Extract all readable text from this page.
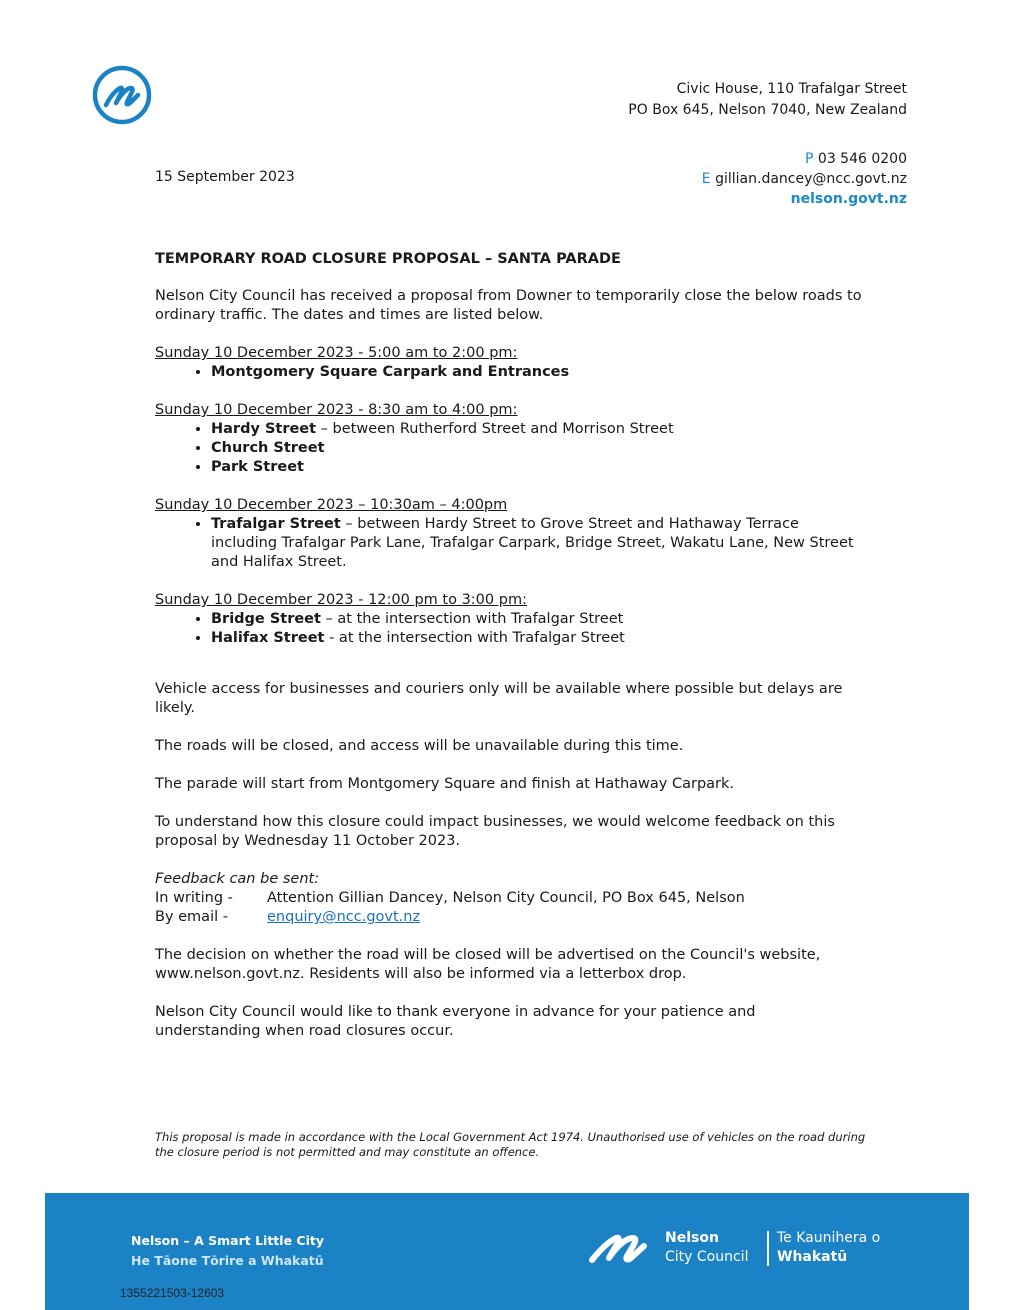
Civic House, 110 Trafalgar Street
PO Box 645, Nelson 7040, New Zealand
P 03 546 0200
E gillian.dancey@ncc.govt.nz
nelson.govt.nz
15 September 2023
TEMPORARY ROAD CLOSURE PROPOSAL – SANTA PARADE

Nelson City Council has received a proposal from Downer to temporarily close the below roads to ordinary traffic. The dates and times are listed below.

Sunday 10 December 2023 - 5:00 am to 2:00 pm:
• Montgomery Square Carpark and Entrances
Sunday 10 December 2023 - 8:30 am to 4:00 pm:
• Hardy Street – between Rutherford Street and Morrison Street
• Church Street
• Park Street
Sunday 10 December 2023 – 10:30am – 4:00pm
• Trafalgar Street – between Hardy Street to Grove Street and Hathaway Terrace including Trafalgar Park Lane, Trafalgar Carpark, Bridge Street, Wakatu Lane, New Street and Halifax Street.
Sunday 10 December 2023 - 12:00 pm to 3:00 pm:
• Bridge Street – at the intersection with Trafalgar Street
• Halifax Street - at the intersection with Trafalgar Street

Vehicle access for businesses and couriers only will be available where possible but delays are likely.

The roads will be closed, and access will be unavailable during this time.

The parade will start from Montgomery Square and finish at Hathaway Carpark.

To understand how this closure could impact businesses, we would welcome feedback on this proposal by Wednesday 11 October 2023.

Feedback can be sent:
In writing -	Attention Gillian Dancey, Nelson City Council, PO Box 645, Nelson
By email -	enquiry@ncc.govt.nz

The decision on whether the road will be closed will be advertised on the Council's website, www.nelson.govt.nz. Residents will also be informed via a letterbox drop.

Nelson City Council would like to thank everyone in advance for your patience and understanding when road closures occur.

This proposal is made in accordance with the Local Government Act 1974. Unauthorised use of vehicles on the road during the closure period is not permitted and may constitute an offence.
Nelson – A Smart Little City
He Tāone Tōrire a Whakatū
Nelson
City Council
Te Kaunihera o
Whakatū
1355221503-12603
